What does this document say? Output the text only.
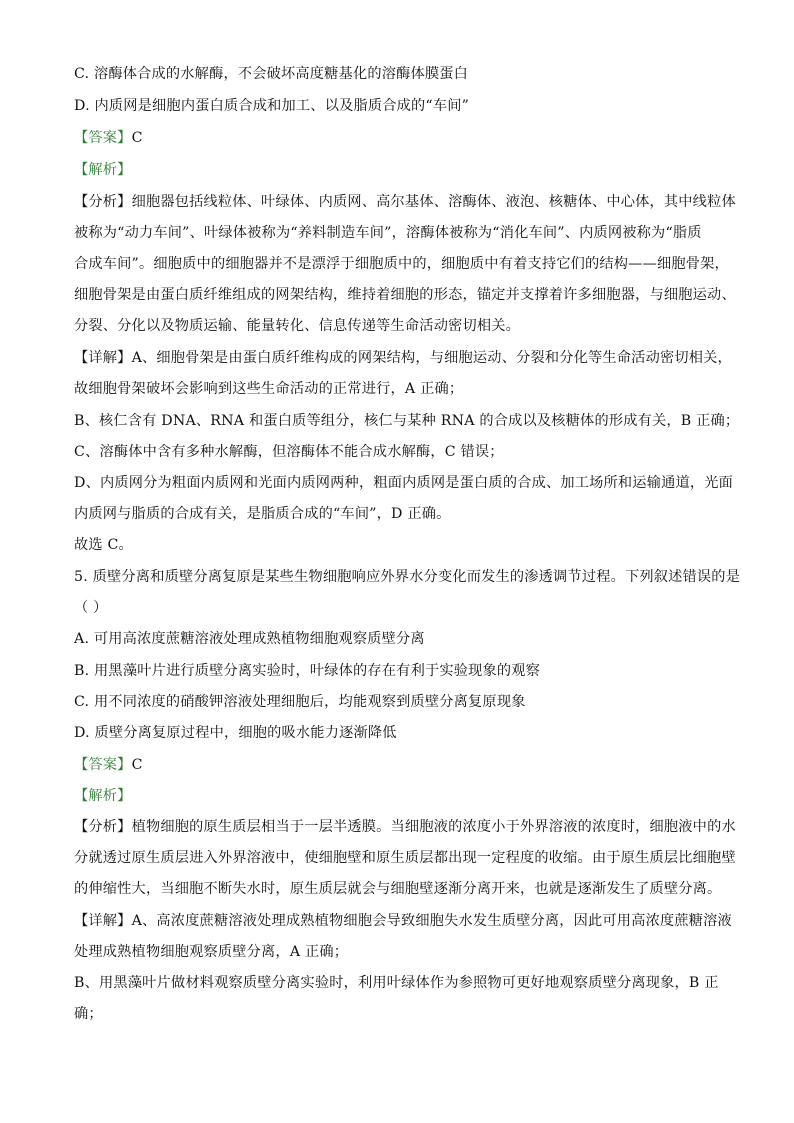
C. 溶酶体合成的水解酶，不会破坏高度糖基化的溶酶体膜蛋白
D. 内质网是细胞内蛋白质合成和加工、以及脂质合成的“车间”
【答案】C
【解析】
【分析】细胞器包括线粒体、叶绿体、内质网、高尔基体、溶酶体、液泡、核糖体、中心体，其中线粒体
被称为“动力车间”、叶绿体被称为“养料制造车间”，溶酶体被称为“消化车间”、内质网被称为“脂质
合成车间”。细胞质中的细胞器并不是漂浮于细胞质中的，细胞质中有着支持它们的结构——细胞骨架，
细胞骨架是由蛋白质纤维组成的网架结构，维持着细胞的形态，锚定并支撑着许多细胞器，与细胞运动、
分裂、分化以及物质运输、能量转化、信息传递等生命活动密切相关。
【详解】A、细胞骨架是由蛋白质纤维构成的网架结构，与细胞运动、分裂和分化等生命活动密切相关，
故细胞骨架破坏会影响到这些生命活动的正常进行，A 正确；
B、核仁含有 DNA、RNA 和蛋白质等组分，核仁与某种 RNA 的合成以及核糖体的形成有关，B 正确；
C、溶酶体中含有多种水解酶，但溶酶体不能合成水解酶，C 错误；
D、内质网分为粗面内质网和光面内质网两种，粗面内质网是蛋白质的合成、加工场所和运输通道，光面
内质网与脂质的合成有关，是脂质合成的“车间”，D 正确。
故选 C。
5. 质壁分离和质壁分离复原是某些生物细胞响应外界水分变化而发生的渗透调节过程。下列叙述错误的是
（ ）
A. 可用高浓度蔗糖溶液处理成熟植物细胞观察质壁分离
B. 用黑藻叶片进行质壁分离实验时，叶绿体的存在有利于实验现象的观察
C. 用不同浓度的硝酸钾溶液处理细胞后，均能观察到质壁分离复原现象
D. 质壁分离复原过程中，细胞的吸水能力逐渐降低
【答案】C
【解析】
【分析】植物细胞的原生质层相当于一层半透膜。当细胞液的浓度小于外界溶液的浓度时，细胞液中的水
分就透过原生质层进入外界溶液中，使细胞壁和原生质层都出现一定程度的收缩。由于原生质层比细胞壁
的伸缩性大，当细胞不断失水时，原生质层就会与细胞壁逐渐分离开来，也就是逐渐发生了质壁分离。
【详解】A、高浓度蔗糖溶液处理成熟植物细胞会导致细胞失水发生质壁分离，因此可用高浓度蔗糖溶液
处理成熟植物细胞观察质壁分离，A 正确；
B、用黑藻叶片做材料观察质壁分离实验时，利用叶绿体作为参照物可更好地观察质壁分离现象，B 正
确；
